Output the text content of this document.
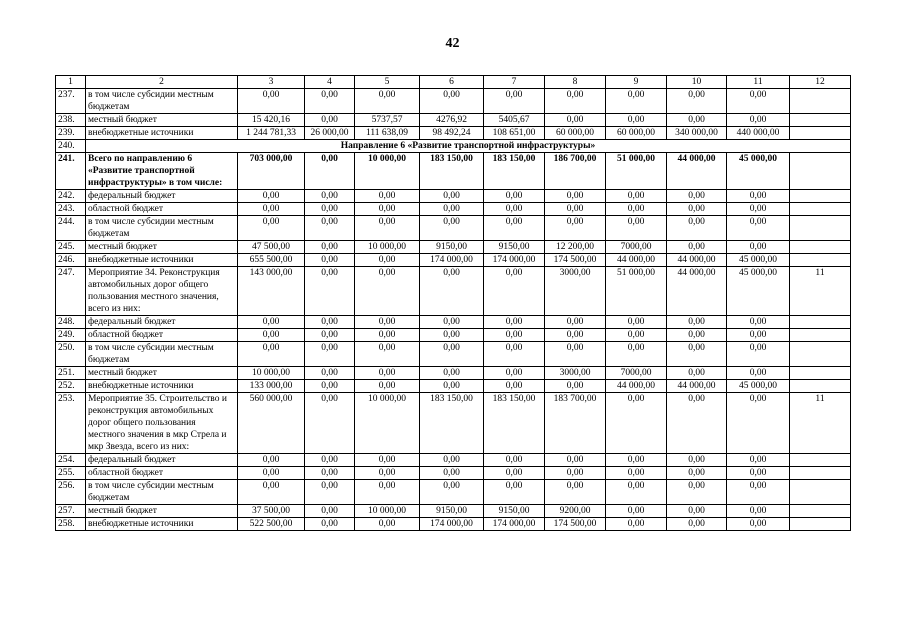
42
1	2	3	4	5	6	7	8	9	10	11	12
237.	в том числе субсидии местным бюджетам	0,00	0,00	0,00	0,00	0,00	0,00	0,00	0,00	0,00	
238.	местный бюджет	15 420,16	0,00	5737,57	4276,92	5405,67	0,00	0,00	0,00	0,00	
239.	внебюджетные источники	1 244 781,33	26 000,00	111 638,09	98 492,24	108 651,00	60 000,00	60 000,00	340 000,00	440 000,00	
240.	Направление 6 «Развитие транспортной инфраструктуры»										
241.	Всего по направлению 6 «Развитие транспортной инфраструктуры» в том числе:	703 000,00	0,00	10 000,00	183 150,00	183 150,00	186 700,00	51 000,00	44 000,00	45 000,00	
242.	федеральный бюджет	0,00	0,00	0,00	0,00	0,00	0,00	0,00	0,00	0,00	
243.	областной бюджет	0,00	0,00	0,00	0,00	0,00	0,00	0,00	0,00	0,00	
244.	в том числе субсидии местным бюджетам	0,00	0,00	0,00	0,00	0,00	0,00	0,00	0,00	0,00	
245.	местный бюджет	47 500,00	0,00	10 000,00	9150,00	9150,00	12 200,00	7000,00	0,00	0,00	
246.	внебюджетные источники	655 500,00	0,00	0,00	174 000,00	174 000,00	174 500,00	44 000,00	44 000,00	45 000,00	
247.	Мероприятие 34. Реконструкция автомобильных дорог общего пользования местного значения, всего из них:	143 000,00	0,00	0,00	0,00	0,00	3000,00	51 000,00	44 000,00	45 000,00	11
248.	федеральный бюджет	0,00	0,00	0,00	0,00	0,00	0,00	0,00	0,00	0,00	
249.	областной бюджет	0,00	0,00	0,00	0,00	0,00	0,00	0,00	0,00	0,00	
250.	в том числе субсидии местным бюджетам	0,00	0,00	0,00	0,00	0,00	0,00	0,00	0,00	0,00	
251.	местный бюджет	10 000,00	0,00	0,00	0,00	0,00	3000,00	7000,00	0,00	0,00	
252.	внебюджетные источники	133 000,00	0,00	0,00	0,00	0,00	0,00	44 000,00	44 000,00	45 000,00	
253.	Мероприятие 35. Строительство и реконструкция автомобильных дорог общего пользования местного значения в мкр Стрела и мкр Звезда, всего из них:	560 000,00	0,00	10 000,00	183 150,00	183 150,00	183 700,00	0,00	0,00	0,00	11
254.	федеральный бюджет	0,00	0,00	0,00	0,00	0,00	0,00	0,00	0,00	0,00	
255.	областной бюджет	0,00	0,00	0,00	0,00	0,00	0,00	0,00	0,00	0,00	
256.	в том числе субсидии местным бюджетам	0,00	0,00	0,00	0,00	0,00	0,00	0,00	0,00	0,00	
257.	местный бюджет	37 500,00	0,00	10 000,00	9150,00	9150,00	9200,00	0,00	0,00	0,00	
258.	внебюджетные источники	522 500,00	0,00	0,00	174 000,00	174 000,00	174 500,00	0,00	0,00	0,00	
